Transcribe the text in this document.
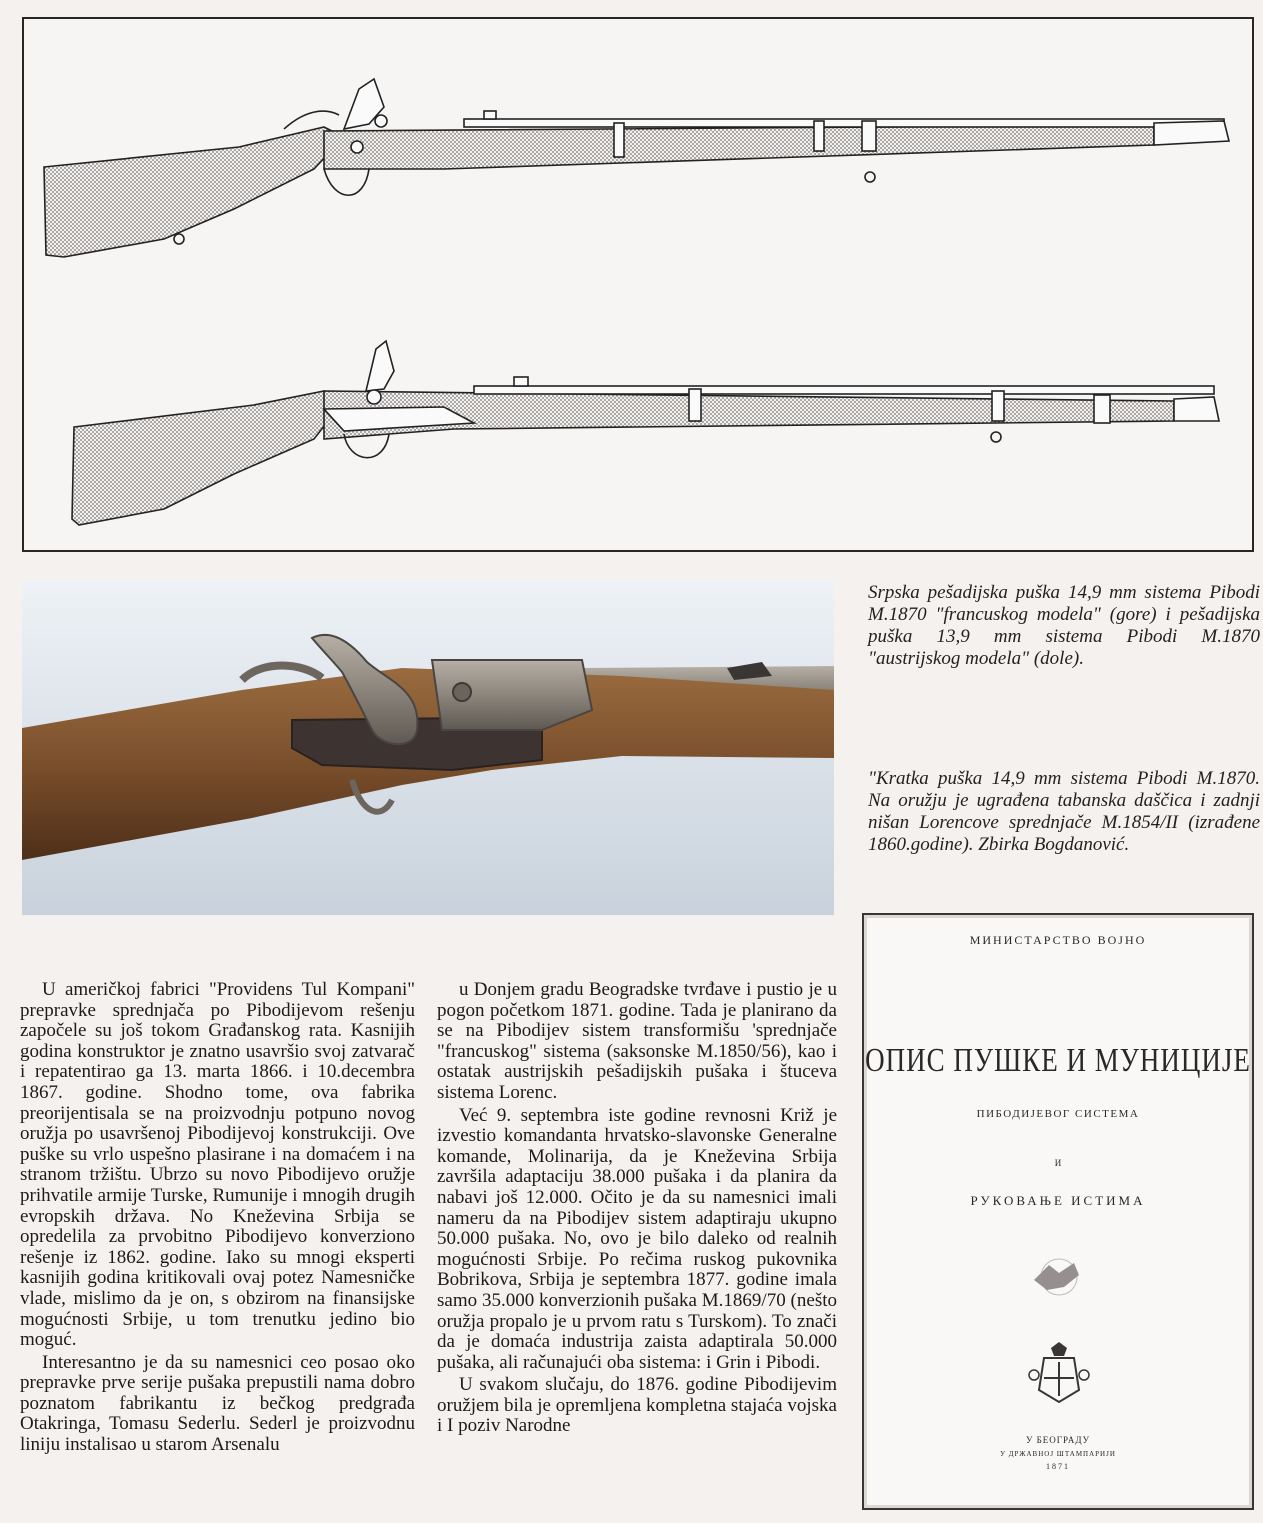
Srpska pešadijska puška 14,9 mm sistema Pibodi M.1870 "francuskog modela" (gore) i pešadijska puška 13,9 mm sistema Pibodi M.1870 "austrijskog modela" (dole).
"Kratka puška 14,9 mm sistema Pibodi M.1870. Na oružju je ugrađena tabanska daščica i zadnji nišan Lorencove sprednjače M.1854/II (izrađene 1860.godine). Zbirka Bogdanović.

U američkoj fabrici "Providens Tul Kompani" prepravke sprednjača po Pibodijevom rešenju započele su još tokom Građanskog rata. Kasnijih godina konstruktor je znatno usavršio svoj zatvarač i repatentirao ga 13. marta 1866. i 10.decembra 1867. godine. Shodno tome, ova fabrika preorijentisala se na proizvodnju potpuno novog oružja po usavršenoj Pibodijevoj konstrukciji. Ove puške su vrlo uspešno plasirane i na domaćem i na stranom tržištu. Ubrzo su novo Pibodijevo oružje prihvatile armije Turske, Rumunije i mnogih drugih evropskih država. No Kneževina Srbija se opredelila za prvobitno Pibodijevo konverziono rešenje iz 1862. godine. Iako su mnogi eksperti kasnijih godina kritikovali ovaj potez Namesničke vlade, mislimo da je on, s obzirom na finansijske mogućnosti Srbije, u tom trenutku jedino bio moguć.

Interesantno je da su namesnici ceo posao oko prepravke prve serije pušaka prepustili nama dobro poznatom fabrikantu iz bečkog predgrađa Otakringa, Tomasu Sederlu. Sederl je proizvodnu liniju instalisao u starom Arsenalu

u Donjem gradu Beogradske tvrđave i pustio je u pogon početkom 1871. godine. Tada je planirano da se na Pibodijev sistem transformišu 'sprednjače "francuskog" sistema (saksonske M.1850/56), kao i ostatak austrijskih pešadijskih pušaka i štuceva sistema Lorenc.

Već 9. septembra iste godine revnosni Križ je izvestio komandanta hrvatsko-slavonske Generalne komande, Molinarija, da je Kneževina Srbija završila adaptaciju 38.000 pušaka i da planira da nabavi još 12.000. Očito je da su namesnici imali nameru da na Pibodijev sistem adaptiraju ukupno 50.000 pušaka. No, ovo je bilo daleko od realnih mogućnosti Srbije. Po rečima ruskog pukovnika Bobrikova, Srbija je septembra 1877. godine imala samo 35.000 konverzionih pušaka M.1869/70 (nešto oružja propalo je u prvom ratu s Turskom). To znači da je domaća industrija zaista adaptirala 50.000 pušaka, ali računajući oba sistema: i Grin i Pibodi.

U svakom slučaju, do 1876. godine Pibodijevim oružjem bila je opremljena kompletna stajaća vojska i I poziv Narodne

МИНИСТАРСТВО ВОЈНО
ОПИС ПУШКЕ И МУНИЦИЈЕ
ПИБОДИЈЕВОГ СИСТЕМА
И
РУКОВАЊЕ ИСТИМА
У БЕОГРАДУ
У ДРЖАВНОЈ ШТАМПАРИЈИ
1871
